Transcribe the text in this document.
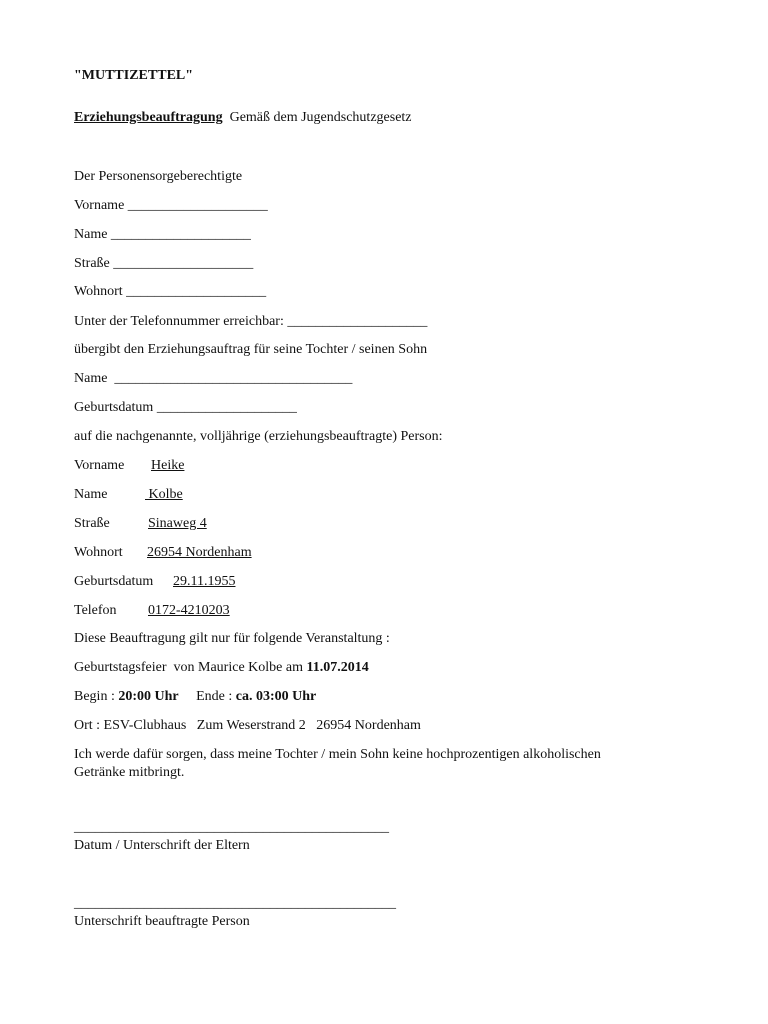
"MUTTIZETTEL"
Erziehungsbeauftragung Gemäß dem Jugendschutzgesetz
Der Personensorgeberechtigte
Vorname ____________________
Name ____________________
Straße ____________________
Wohnort ____________________
Unter der Telefonnummer erreichbar: ____________________
übergibt den Erziehungsauftrag für seine Tochter / seinen Sohn
Name  __________________________________
Geburtsdatum ____________________
auf die nachgenannte, volljährige (erziehungsbeauftragte) Person:
Vorname Heike
Name	Kolbe
Straße	Sinaweg 4
Wohnort 26954 Nordenham
Geburtsdatum 29.11.1955
Telefon 0172-4210203
Diese Beauftragung gilt nur für folgende Veranstaltung :
Geburtstagsfeier  von Maurice Kolbe am 11.07.2014
Begin : 20:00 Uhr     Ende : ca. 03:00 Uhr
Ort : ESV-Clubhaus   Zum Weserstrand 2   26954 Nordenham
Ich werde dafür sorgen, dass meine Tochter / mein Sohn keine hochprozentigen alkoholischen
Getränke mitbringt.
_____________________________________________
Datum / Unterschrift der Eltern
______________________________________________
Unterschrift beauftragte Person
